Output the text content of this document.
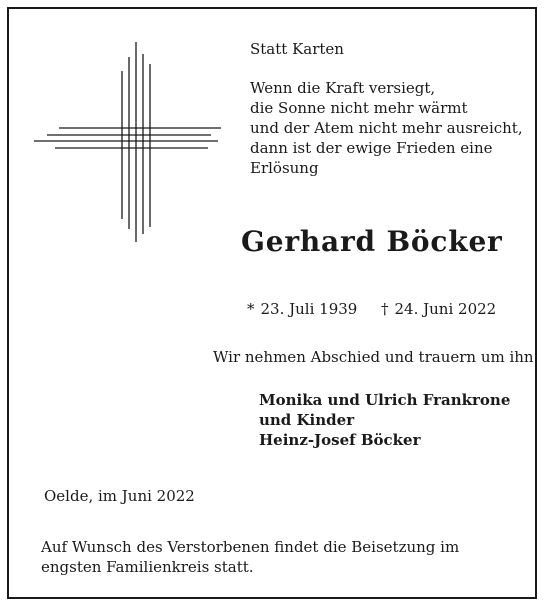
Statt Karten
Wenn die Kraft versiegt,
die Sonne nicht mehr wärmt
und der Atem nicht mehr ausreicht,
dann ist der ewige Frieden eine
Erlösung
Gerhard Böcker
* 23. Juli 1939 † 24. Juni 2022
Wir nehmen Abschied und trauern um ihn.
Monika und Ulrich Frankrone
und Kinder
Heinz-Josef Böcker
Oelde, im Juni 2022
Auf Wunsch des Verstorbenen findet die Beisetzung im
engsten Familienkreis statt.
